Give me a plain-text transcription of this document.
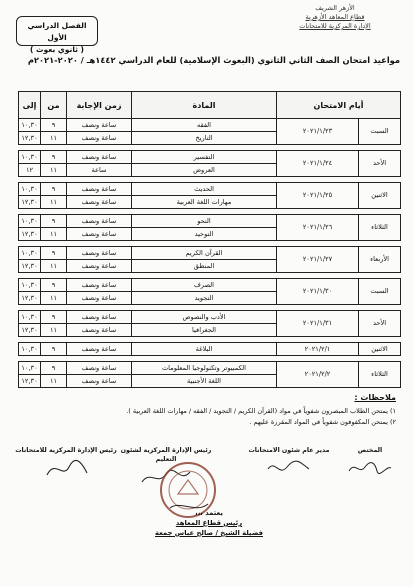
الأزهر الشريف
قطاع المعاهد الأزهرية
الإدارة المركزية للامتحانات
الفصل الدراسي الأول
( ثانوي بعوث )
مواعيد امتحان الصف الثاني الثانوي (البعوث الإسلامية) للعام الدراسي ١٤٤٢هـ / ٢٠٢٠-٢٠٢١م
أيام الامتحان		المادة	زمن الإجابة	من	إلى
السبت	٢٠٢١/١/٢٣	الفقه	ساعة ونصف	٩	١٠,٣٠
		التاريخ	ساعة ونصف	١١	١٢,٣٠

الأحد	٢٠٢١/١/٢٤	التفسير	ساعة ونصف	٩	١٠,٣٠
		العروض	ساعة	١١	١٢

الاثنين	٢٠٢١/١/٢٥	الحديث	ساعة ونصف	٩	١٠,٣٠
		مهارات اللغة العربية	ساعة ونصف	١١	١٢,٣٠

الثلاثاء	٢٠٢١/١/٢٦	النحو	ساعة ونصف	٩	١٠,٣٠
		التوحيد	ساعة ونصف	١١	١٢,٣٠

الأربعاء	٢٠٢١/١/٢٧	القرآن الكريم	ساعة ونصف	٩	١٠,٣٠
		المنطق	ساعة ونصف	١١	١٢,٣٠

السبت	٢٠٢١/١/٣٠	الصرف	ساعة ونصف	٩	١٠,٣٠
		التجويد	ساعة ونصف	١١	١٢,٣٠

الأحد	٢٠٢١/١/٣١	الأدب والنصوص	ساعة ونصف	٩	١٠,٣٠
		الجغرافيا	ساعة ونصف	١١	١٢,٣٠

الاثنين	٢٠٢١/٢/١	البلاغة	ساعة ونصف	٩	١٠,٣٠

الثلاثاء	٢٠٢١/٢/٢	الكمبيوتر وتكنولوجيا المعلومات	ساعة ونصف	٩	١٠,٣٠
		اللغة الأجنبية	ساعة ونصف	١١	١٢,٣٠
ملاحظات :
١) يمتحن الطلاب المبصرون شفوياً في مواد (القرآن الكريم / التجويد / الفقه / مهارات اللغة العربية ).
٢) يمتحن المكفوفون شفوياً في المواد المقررة عليهم .
المختص
مدير عام شئون الامتحانات
رئيس الإدارة المركزية لشئون التعليم
رئيس الإدارة المركزية للامتحانات
يعتمد ،،،
رئيس قطاع المعاهد
فضيلة الشيخ / صالح عباس جمعة
